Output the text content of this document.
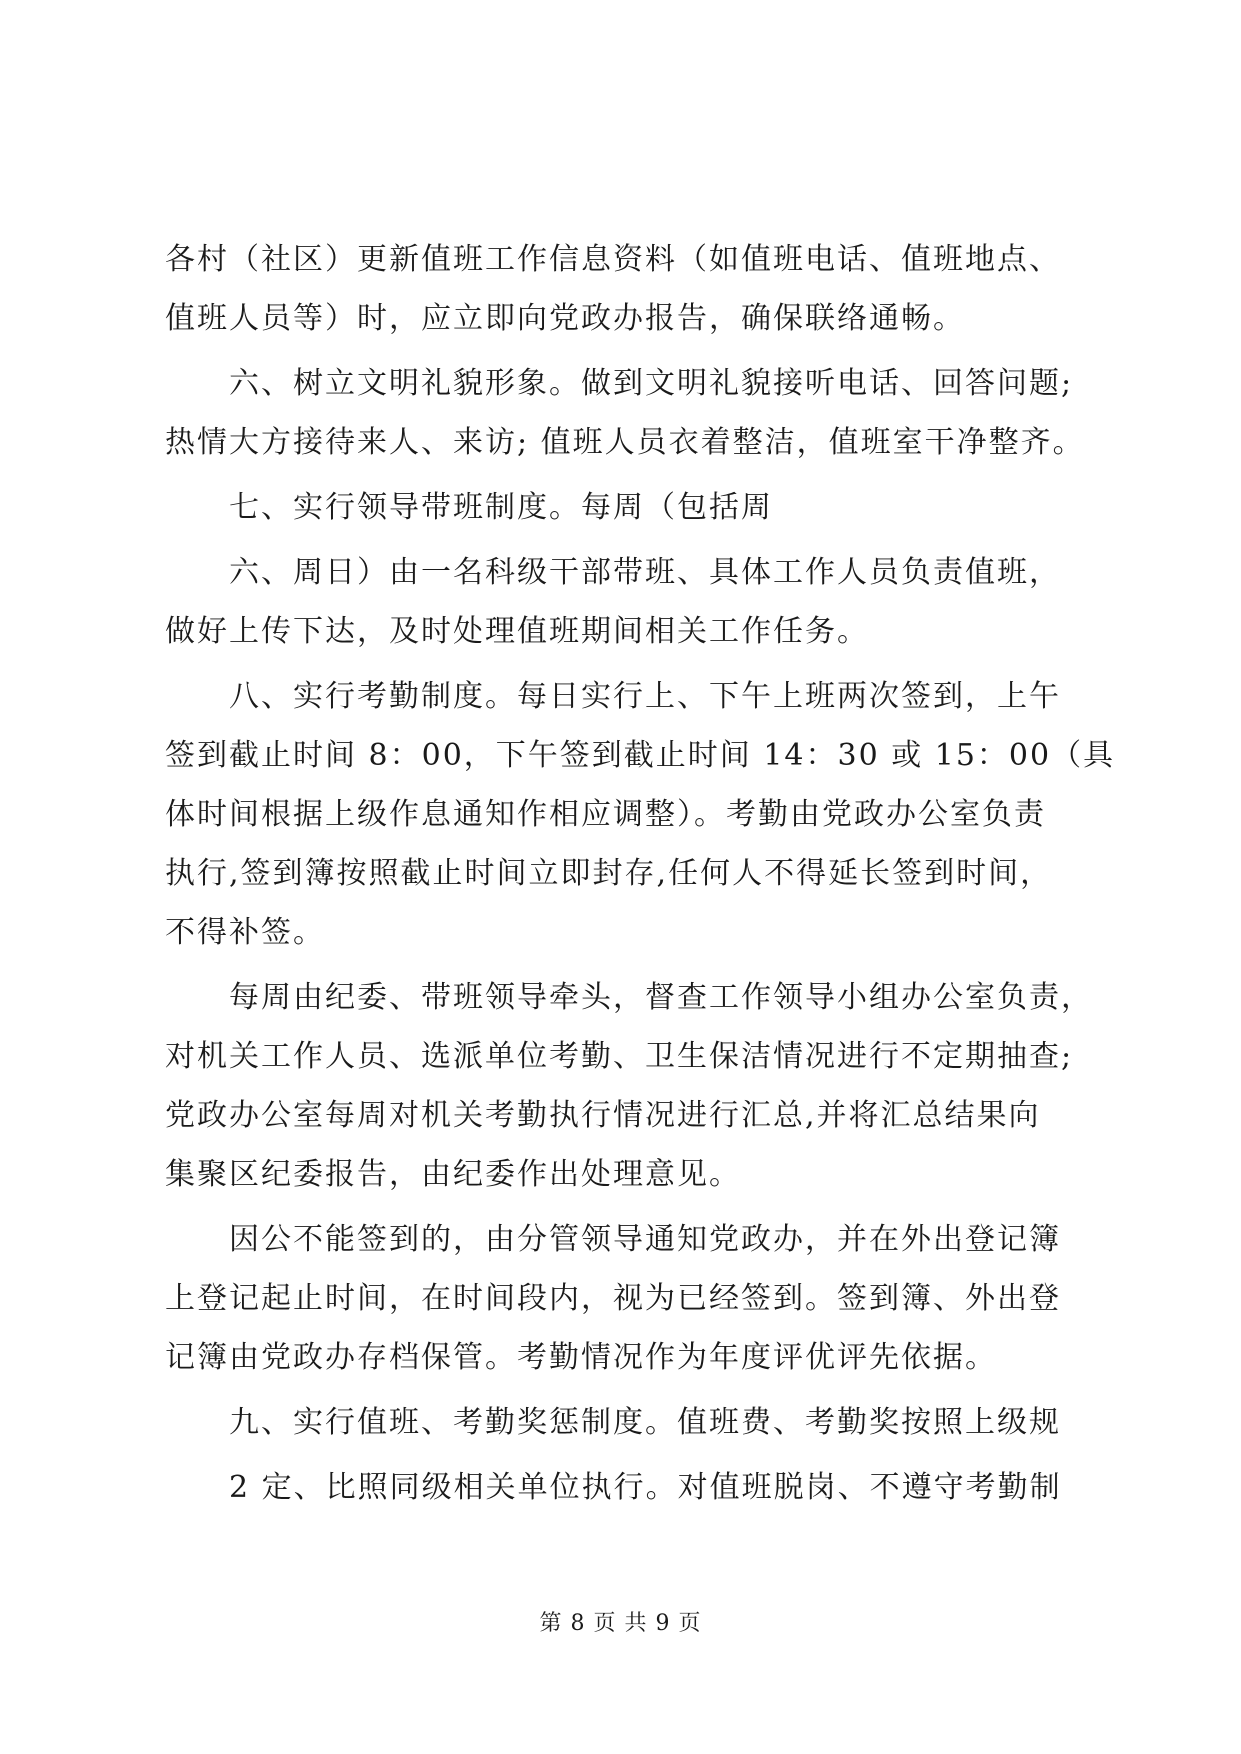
各村（社区）更新值班工作信息资料（如值班电话、值班地点、
值班人员等）时，应立即向党政办报告，确保联络通畅。
六、树立文明礼貌形象。做到文明礼貌接听电话、回答问题;
热情大方接待来人、来访; 值班人员衣着整洁，值班室干净整齐。
七、实行领导带班制度。每周（包括周
六、周日）由一名科级干部带班、具体工作人员负责值班，
做好上传下达，及时处理值班期间相关工作任务。
八、实行考勤制度。每日实行上、下午上班两次签到，上午
签到截止时间 8：00，下午签到截止时间 14：30 或 15：00（具
体时间根据上级作息通知作相应调整）。考勤由党政办公室负责
执行,签到簿按照截止时间立即封存,任何人不得延长签到时间，
不得补签。
每周由纪委、带班领导牵头，督查工作领导小组办公室负责，
对机关工作人员、选派单位考勤、卫生保洁情况进行不定期抽查;
党政办公室每周对机关考勤执行情况进行汇总,并将汇总结果向
集聚区纪委报告，由纪委作出处理意见。
因公不能签到的，由分管领导通知党政办，并在外出登记簿
上登记起止时间，在时间段内，视为已经签到。签到簿、外出登
记簿由党政办存档保管。考勤情况作为年度评优评先依据。
九、实行值班、考勤奖惩制度。值班费、考勤奖按照上级规
2 定、比照同级相关单位执行。对值班脱岗、不遵守考勤制
第 8 页 共 9 页
